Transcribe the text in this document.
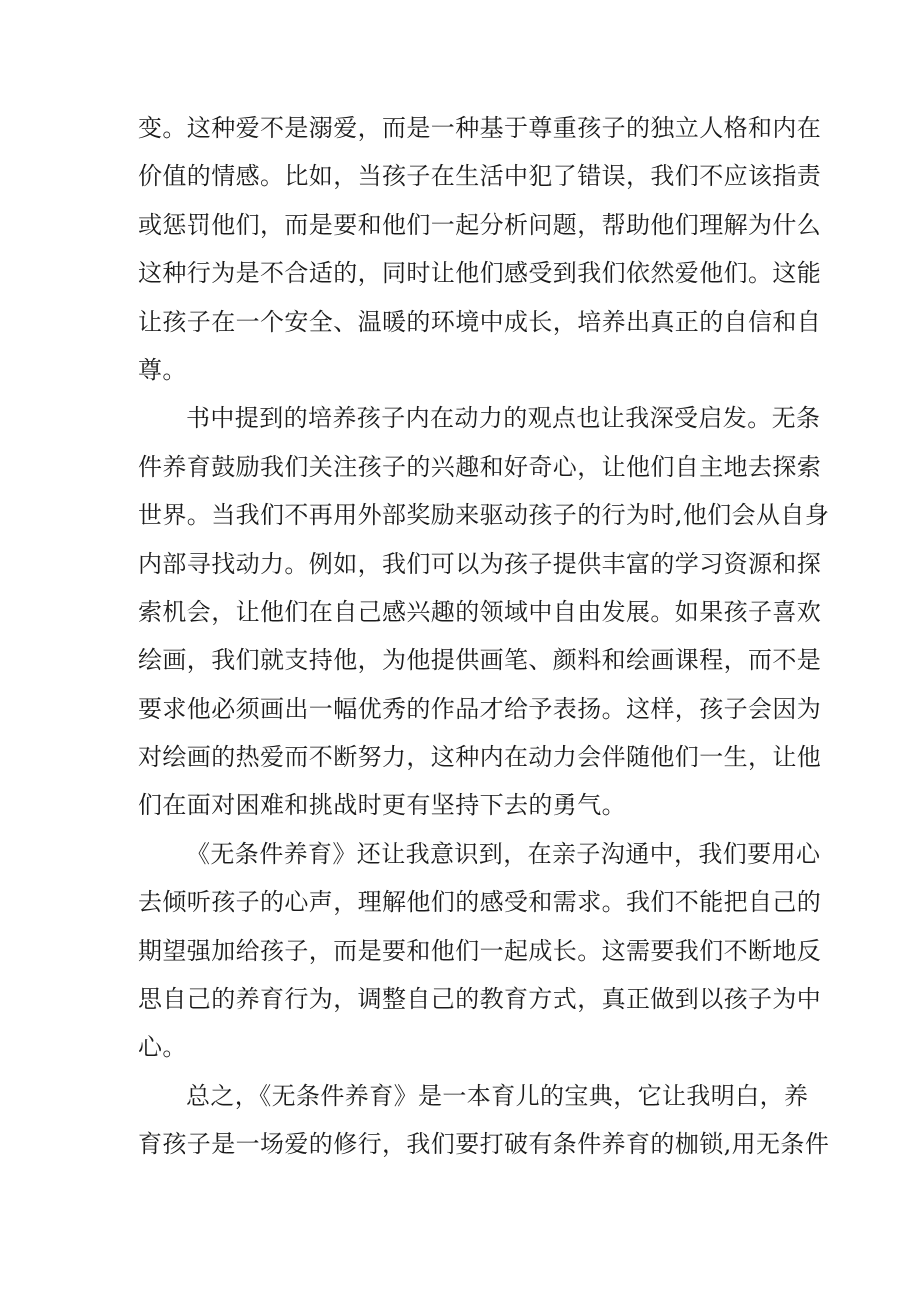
变。这种爱不是溺爱，而是一种基于尊重孩子的独立人格和内在
价值的情感。比如，当孩子在生活中犯了错误，我们不应该指责
或惩罚他们，而是要和他们一起分析问题，帮助他们理解为什么
这种行为是不合适的，同时让他们感受到我们依然爱他们。这能
让孩子在一个安全、温暖的环境中成长，培养出真正的自信和自
尊。
书中提到的培养孩子内在动力的观点也让我深受启发。无条
件养育鼓励我们关注孩子的兴趣和好奇心，让他们自主地去探索
世界。当我们不再用外部奖励来驱动孩子的行为时,他们会从自身
内部寻找动力。例如，我们可以为孩子提供丰富的学习资源和探
索机会，让他们在自己感兴趣的领域中自由发展。如果孩子喜欢
绘画，我们就支持他，为他提供画笔、颜料和绘画课程，而不是
要求他必须画出一幅优秀的作品才给予表扬。这样，孩子会因为
对绘画的热爱而不断努力，这种内在动力会伴随他们一生，让他
们在面对困难和挑战时更有坚持下去的勇气。
《无条件养育》还让我意识到，在亲子沟通中，我们要用心
去倾听孩子的心声，理解他们的感受和需求。我们不能把自己的
期望强加给孩子，而是要和他们一起成长。这需要我们不断地反
思自己的养育行为，调整自己的教育方式，真正做到以孩子为中
心。
总之，《无条件养育》是一本育儿的宝典，它让我明白，养
育孩子是一场爱的修行，我们要打破有条件养育的枷锁,用无条件
